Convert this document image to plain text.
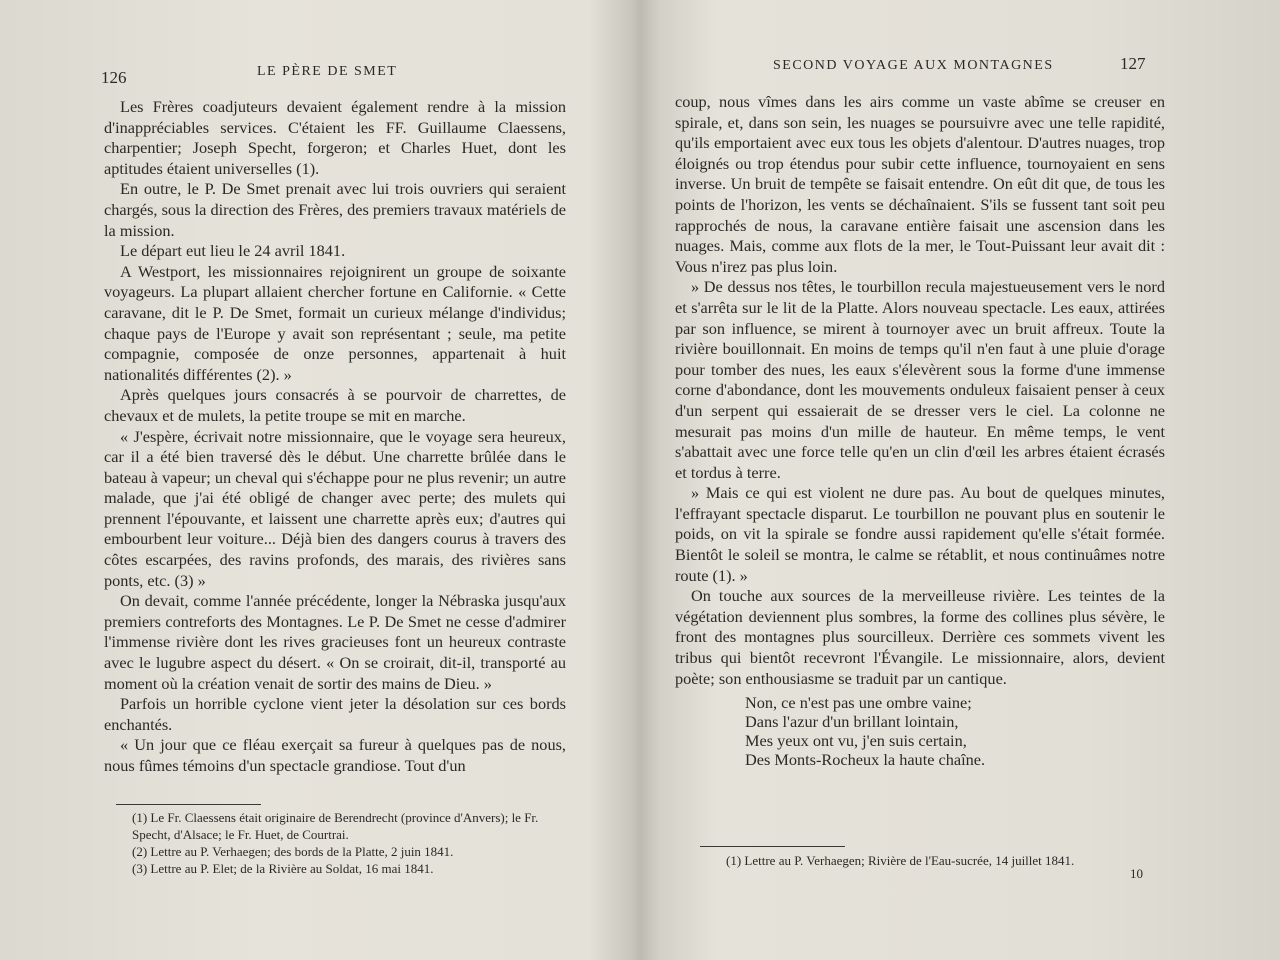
126	LE PÈRE DE SMET

Les Frères coadjuteurs devaient également rendre à la mission d'inappréciables services. C'étaient les FF. Guillaume Claessens, charpentier; Joseph Specht, forgeron; et Charles Huet, dont les aptitudes étaient universelles (1).

En outre, le P. De Smet prenait avec lui trois ouvriers qui seraient chargés, sous la direction des Frères, des premiers travaux matériels de la mission.

Le départ eut lieu le 24 avril 1841.

A Westport, les missionnaires rejoignirent un groupe de soixante voyageurs. La plupart allaient chercher fortune en Californie. « Cette caravane, dit le P. De Smet, formait un curieux mélange d'individus; chaque pays de l'Europe y avait son représentant ; seule, ma petite compagnie, composée de onze personnes, appartenait à huit nationalités différentes (2). »

Après quelques jours consacrés à se pourvoir de charrettes, de chevaux et de mulets, la petite troupe se mit en marche.

« J'espère, écrivait notre missionnaire, que le voyage sera heureux, car il a été bien traversé dès le début. Une charrette brûlée dans le bateau à vapeur; un cheval qui s'échappe pour ne plus revenir; un autre malade, que j'ai été obligé de changer avec perte; des mulets qui prennent l'épouvante, et laissent une charrette après eux; d'autres qui embourbent leur voiture... Déjà bien des dangers courus à travers des côtes escarpées, des ravins profonds, des marais, des rivières sans ponts, etc. (3) »

On devait, comme l'année précédente, longer la Nébraska jusqu'aux premiers contreforts des Montagnes. Le P. De Smet ne cesse d'admirer l'immense rivière dont les rives gracieuses font un heureux contraste avec le lugubre aspect du désert. « On se croirait, dit-il, transporté au moment où la création venait de sortir des mains de Dieu. »

Parfois un horrible cyclone vient jeter la désolation sur ces bords enchantés.

« Un jour que ce fléau exerçait sa fureur à quelques pas de nous, nous fûmes témoins d'un spectacle grandiose. Tout d'un

(1) Le Fr. Claessens était originaire de Berendrecht (province d'Anvers); le Fr. Specht, d'Alsace; le Fr. Huet, de Courtrai.
(2) Lettre au P. Verhaegen; des bords de la Platte, 2 juin 1841.
(3) Lettre au P. Elet; de la Rivière au Soldat, 16 mai 1841.
SECOND VOYAGE AUX MONTAGNES	127

coup, nous vîmes dans les airs comme un vaste abîme se creuser en spirale, et, dans son sein, les nuages se poursuivre avec une telle rapidité, qu'ils emportaient avec eux tous les objets d'alentour. D'autres nuages, trop éloignés ou trop étendus pour subir cette influence, tournoyaient en sens inverse. Un bruit de tempête se faisait entendre. On eût dit que, de tous les points de l'horizon, les vents se déchaînaient. S'ils se fussent tant soit peu rapprochés de nous, la caravane entière faisait une ascension dans les nuages. Mais, comme aux flots de la mer, le Tout-Puissant leur avait dit : Vous n'irez pas plus loin.

» De dessus nos têtes, le tourbillon recula majestueusement vers le nord et s'arrêta sur le lit de la Platte. Alors nouveau spectacle. Les eaux, attirées par son influence, se mirent à tournoyer avec un bruit affreux. Toute la rivière bouillonnait. En moins de temps qu'il n'en faut à une pluie d'orage pour tomber des nues, les eaux s'élevèrent sous la forme d'une immense corne d'abondance, dont les mouvements onduleux faisaient penser à ceux d'un serpent qui essaierait de se dresser vers le ciel. La colonne ne mesurait pas moins d'un mille de hauteur. En même temps, le vent s'abattait avec une force telle qu'en un clin d'œil les arbres étaient écrasés et tordus à terre.

» Mais ce qui est violent ne dure pas. Au bout de quelques minutes, l'effrayant spectacle disparut. Le tourbillon ne pouvant plus en soutenir le poids, on vit la spirale se fondre aussi rapidement qu'elle s'était formée. Bientôt le soleil se montra, le calme se rétablit, et nous continuâmes notre route (1). »

On touche aux sources de la merveilleuse rivière. Les teintes de la végétation deviennent plus sombres, la forme des collines plus sévère, le front des montagnes plus sourcilleux. Derrière ces sommets vivent les tribus qui bientôt recevront l'Évangile. Le missionnaire, alors, devient poète; son enthousiasme se traduit par un cantique.

Non, ce n'est pas une ombre vaine;
Dans l'azur d'un brillant lointain,
Mes yeux ont vu, j'en suis certain,
Des Monts-Rocheux la haute chaîne.
(1) Lettre au P. Verhaegen; Rivière de l'Eau-sucrée, 14 juillet 1841.
10
